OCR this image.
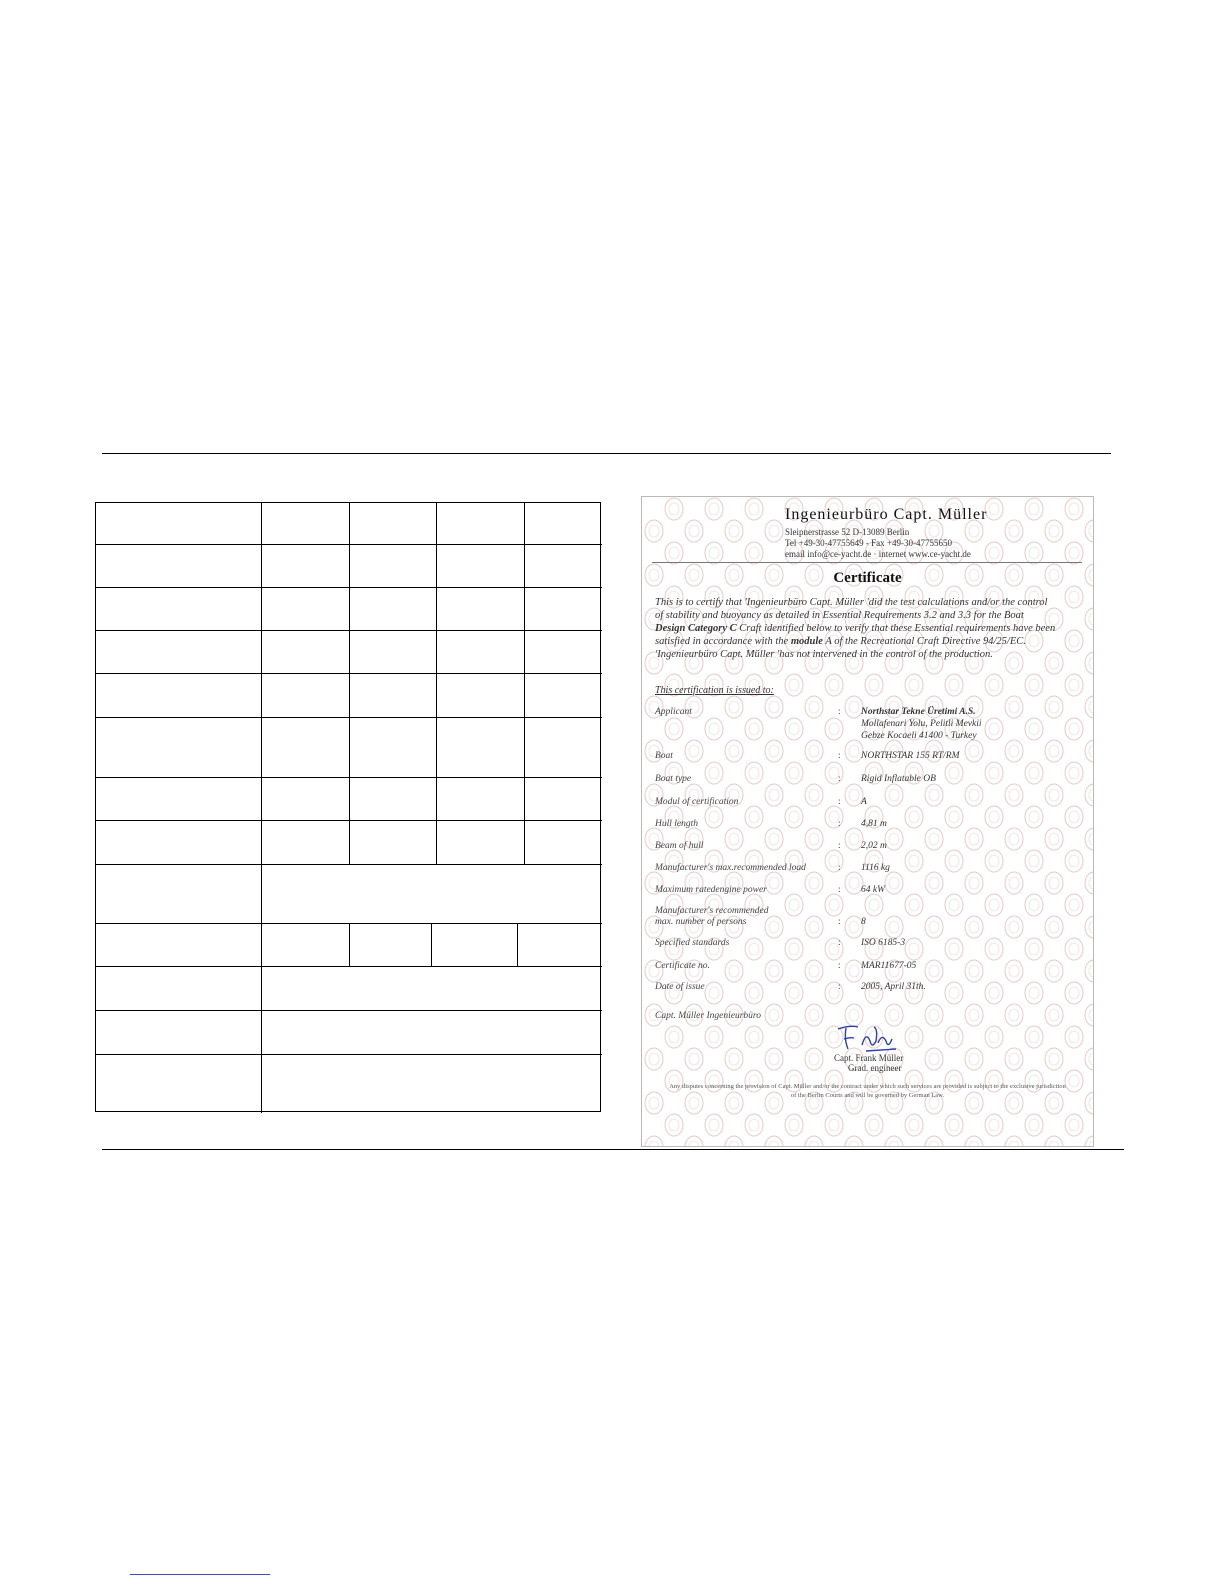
Ingenieurbüro Capt. Müller
Sleipnerstrasse 52 D-13089 Berlin
Tel +49-30-47755649 - Fax +49-30-47755650
email info@ce-yacht.de · internet www.ce-yacht.de
Certificate
This is to certify that 'Ingenieurbüro Capt. Müller 'did the test calculations and/or the control
of stability and buoyancy as detailed in Essential Requirements 3.2 and 3.3 for the Boat
Design Category C Craft identified below to verify that these Essential requirements have been
satisfied in accordance with the module A of the Recreational Craft Directive 94/25/EC.
'Ingenieurbüro Capt. Müller 'has not intervened in the control of the production.
This certification is issued to:
Applicant	: Northstar Tekne Üretimi A.S.
Mollafenari Yolu, Pelitli Mevkii
Gebze Kocaeli 41400 - Turkey
Boat	: NORTHSTAR 155 RT/RM
Boat type	: Rigid Inflatable OB
Modul of certification	: A
Hull length	: 4,81 m
Beam of hull	: 2,02 m
Manufacturer's max.recommended load	: 1116 kg
Maximum ratedengine power	: 64 kW
Manufacturer's recommended
max. number of persons	: 8
Specified standards	: ISO 6185-3
Certificate no.	: MAR11677-05
Date of issue	: 2005, April 31th.
Capt. Müller Ingenieurbüro
Capt. Frank Müller
Grad. engineer
Any disputes concerning the provision of Capt. Müller and/or the contract under which such services are provided is subject to the exclusive jurisdiction
of the Berlin Courts and will be governed by German Law.
